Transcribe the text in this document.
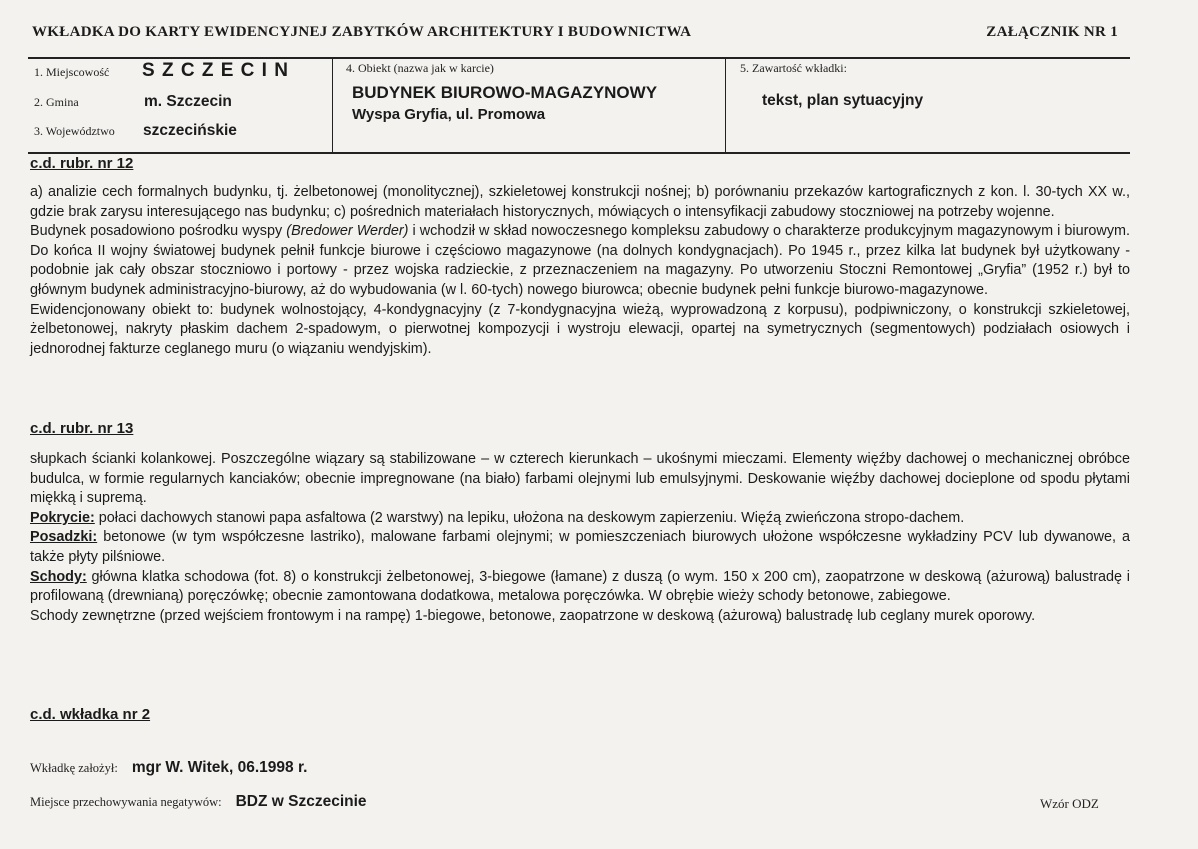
WKŁADKA DO KARTY EWIDENCYJNEJ ZABYTKÓW ARCHITEKTURY I BUDOWNICTWA	ZAŁĄCZNIK NR 1
1. Miejscowość	S Z C Z E C I N
2. Gmina	m. Szczecin
3. Województwo	szczecińskie
4. Obiekt (nazwa jak w karcie)
BUDYNEK BIUROWO-MAGAZYNOWY
Wyspa Gryfia, ul. Promowa
5. Zawartość wkładki:
tekst, plan sytuacyjny
c.d. rubr. nr 12

a) analizie cech formalnych budynku, tj. żelbetonowej (monolitycznej), szkieletowej konstrukcji nośnej; b) porównaniu przekazów kartograficznych z kon. l. 30-tych XX w., gdzie brak zarysu interesującego nas budynku; c) pośrednich materiałach historycznych, mówiących o intensyfikacji zabudowy stoczniowej na potrzeby wojenne.

Budynek posadowiono pośrodku wyspy (Bredower Werder) i wchodził w skład nowoczesnego kompleksu zabudowy o charakterze produkcyjnym magazynowym i biurowym. Do końca II wojny światowej budynek pełnił funkcje biurowe i częściowo magazynowe (na dolnych kondygnacjach). Po 1945 r., przez kilka lat budynek był użytkowany - podobnie jak cały obszar stoczniowo i portowy - przez wojska radzieckie, z przeznaczeniem na magazyny. Po utworzeniu Stoczni Remontowej „Gryfia” (1952 r.) był to głównym budynek administracyjno-biurowy, aż do wybudowania (w l. 60-tych) nowego biurowca; obecnie budynek pełni funkcje biurowo-magazynowe.

Ewidencjonowany obiekt to: budynek wolnostojący, 4-kondygnacyjny (z 7-kondygnacyjna wieżą, wyprowadzoną z korpusu), podpiwniczony, o konstrukcji szkieletowej, żelbetonowej, nakryty płaskim dachem 2-spadowym, o pierwotnej kompozycji i wystroju elewacji, opartej na symetrycznych (segmentowych) podziałach osiowych i jednorodnej fakturze ceglanego muru (o wiązaniu wendyjskim).

c.d. rubr. nr 13

słupkach ścianki kolankowej. Poszczególne wiązary są stabilizowane – w czterech kierunkach – ukośnymi mieczami. Elementy więźby dachowej o mechanicznej obróbce budulca, w formie regularnych kanciaków; obecnie impregnowane (na biało) farbami olejnymi lub emulsyjnymi. Deskowanie więźby dachowej docieplone od spodu płytami miękką i supremą.

Pokrycie: połaci dachowych stanowi papa asfaltowa (2 warstwy) na lepiku, ułożona na deskowym zapierzeniu. Więźą zwieńczona stropo-dachem.

Posadzki: betonowe (w tym współczesne lastriko), malowane farbami olejnymi; w pomieszczeniach biurowych ułożone współczesne wykładziny PCV lub dywanowe, a także płyty pilśniowe.

Schody: główna klatka schodowa (fot. 8) o konstrukcji żelbetonowej, 3-biegowe (łamane) z duszą (o wym. 150 x 200 cm), zaopatrzone w deskową (ażurową) balustradę i profilowaną (drewnianą) poręczówkę; obecnie zamontowana dodatkowa, metalowa poręczówka. W obrębie wieży schody betonowe, zabiegowe.

Schody zewnętrzne (przed wejściem frontowym i na rampę) 1-biegowe, betonowe, zaopatrzone w deskową (ażurową) balustradę lub ceglany murek oporowy.

c.d. wkładka nr 2
Wkładkę założył: mgr W. Witek, 06.1998 r.
Miejsce przechowywania negatywów: BDZ w Szczecinie	Wzór ODZ
